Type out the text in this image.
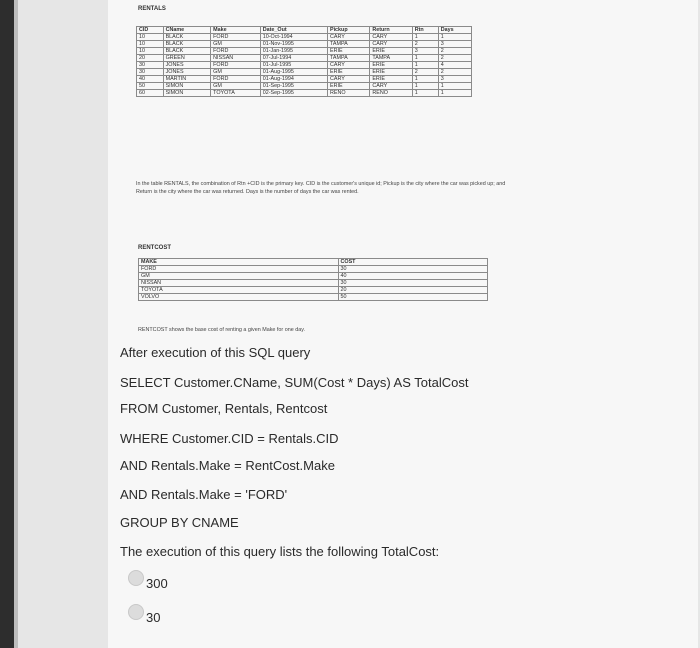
RENTALS
CID	CName	Make	Date_Out	Pickup	Return	Rtn	Days
10	BLACK	FORD	10-Oct-1994	CARY	CARY	1	1
10	BLACK	GM	01-Nov-1995	TAMPA	CARY	2	3
10	BLACK	FORD	01-Jan-1995	ERIE	ERIE	3	2
20	GREEN	NISSAN	07-Jul-1994	TAMPA	TAMPA	1	2
30	JONES	FORD	01-Jul-1995	CARY	ERIE	1	4
30	JONES	GM	01-Aug-1995	ERIE	ERIE	2	2
40	MARTIN	FORD	01-Aug-1994	CARY	ERIE	1	3
50	SIMON	GM	01-Sep-1995	ERIE	CARY	1	1
60	SIMON	TOYOTA	02-Sep-1995	RENO	RENO	1	1
In the table RENTALS, the combination of Rtn +CID is the primary key. CID is the customer's unique id; Pickup is the city where the car was picked up; and Return is the city where the car was returned. Days is the number of days the car was rented.
RENTCOST
MAKE	COST
FORD	30
GM	40
NISSAN	30
TOYOTA	20
VOLVO	50
RENTCOST shows the base cost of renting a given Make for one day.
After execution of this SQL query
SELECT Customer.CName, SUM(Cost * Days) AS TotalCost
FROM Customer, Rentals, Rentcost
WHERE Customer.CID = Rentals.CID
AND Rentals.Make = RentCost.Make
AND Rentals.Make = 'FORD'
GROUP BY CNAME
The execution of this query lists the following TotalCost:
300
30
